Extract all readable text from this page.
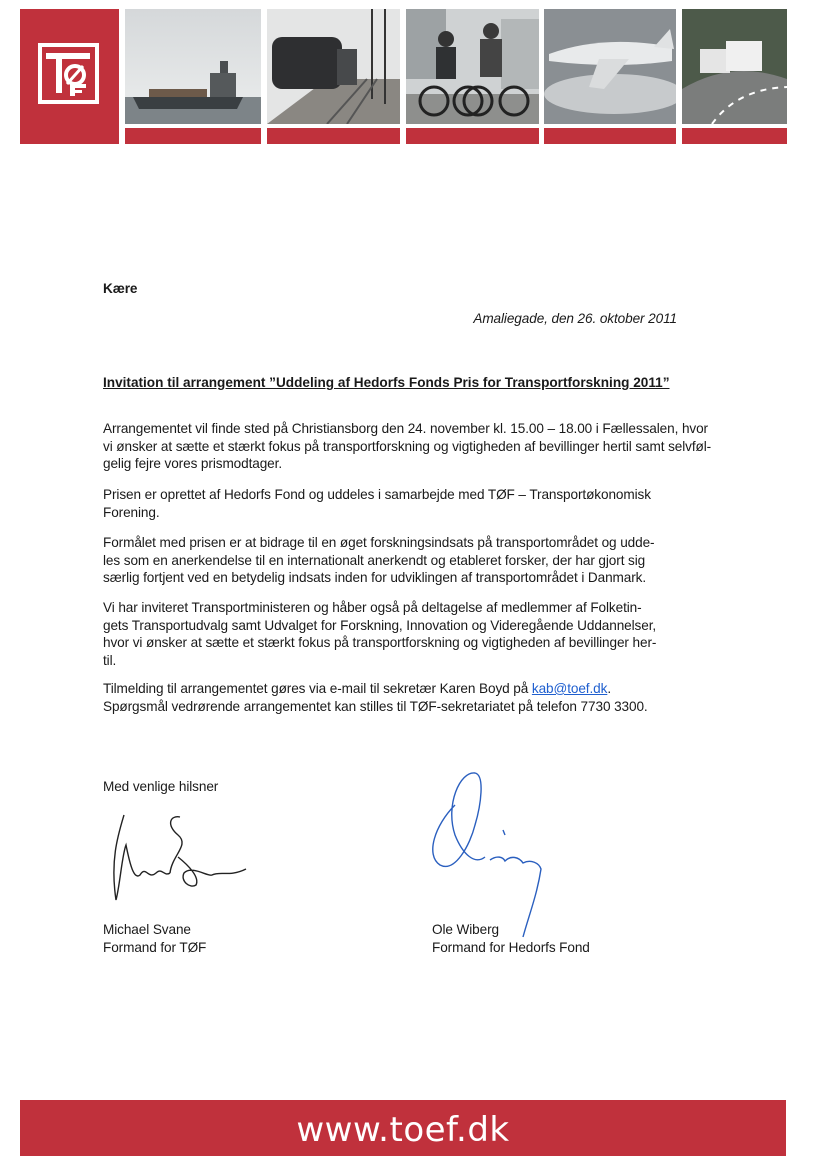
Kære
Amaliegade, den 26. oktober 2011
Invitation til arrangement ”Uddeling af Hedorfs Fonds Pris for Transportforskning 2011”
Arrangementet vil finde sted på Christiansborg den 24. november kl. 15.00 – 18.00 i Fællessalen, hvor
vi ønsker at sætte et stærkt fokus på transportforskning og vigtigheden af bevillinger hertil samt selvføl-
gelig fejre vores prismodtager.
Prisen er oprettet af Hedorfs Fond og uddeles i samarbejde med TØF – Transportøkonomisk
Forening.
Formålet med prisen er at bidrage til en øget forskningsindsats på transportområdet og udde-
les som en anerkendelse til en internationalt anerkendt og etableret forsker, der har gjort sig
særlig fortjent ved en betydelig indsats inden for udviklingen af transportområdet i Danmark.
Vi har inviteret Transportministeren og håber også på deltagelse af medlemmer af Folketin-
gets Transportudvalg samt Udvalget for Forskning, Innovation og Videregående Uddannelser,
hvor vi ønsker at sætte et stærkt fokus på transportforskning og vigtigheden af bevillinger her-
til.
Tilmelding til arrangementet gøres via e-mail til sekretær Karen Boyd på kab@toef.dk.
Spørgsmål vedrørende arrangementet kan stilles til TØF-sekretariatet på telefon 7730 3300.
Med venlige hilsner
Michael Svane
Formand for TØF
Ole Wiberg
Formand for Hedorfs Fond
www.toef.dk
